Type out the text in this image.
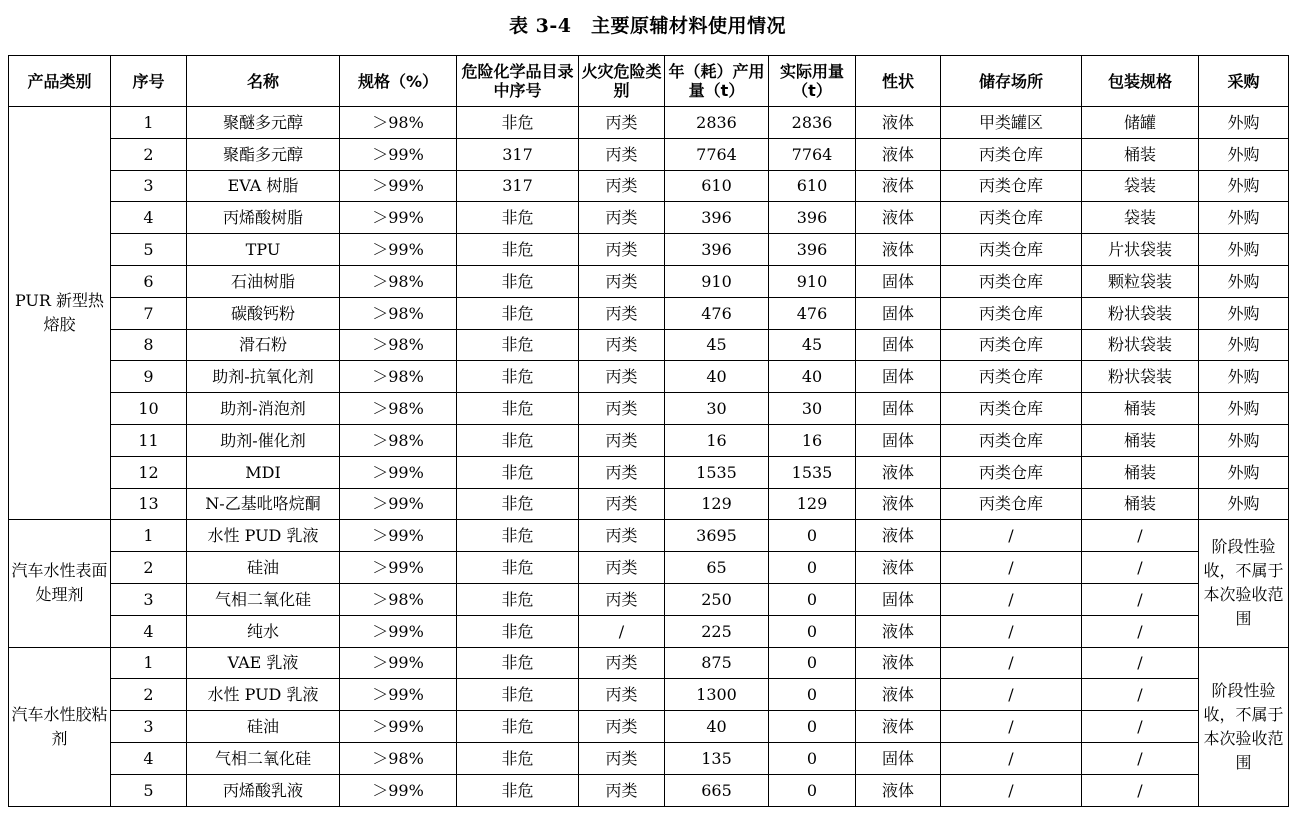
表 3-4　主要原辅材料使用情况
产品类别	序号	名称	规格（%）	危险化学品目录中序号	火灾危险类别	年（耗）产用量（t）	实际用量（t）	性状	储存场所	包装规格	采购
PUR 新型热熔胶	1	聚醚多元醇	＞98%	非危	丙类	2836	2836	液体	甲类罐区	储罐	外购
	2	聚酯多元醇	＞99%	317	丙类	7764	7764	液体	丙类仓库	桶装	外购
	3	EVA 树脂	＞99%	317	丙类	610	610	液体	丙类仓库	袋装	外购
	4	丙烯酸树脂	＞99%	非危	丙类	396	396	液体	丙类仓库	袋装	外购
	5	TPU	＞99%	非危	丙类	396	396	液体	丙类仓库	片状袋装	外购
	6	石油树脂	＞98%	非危	丙类	910	910	固体	丙类仓库	颗粒袋装	外购
	7	碳酸钙粉	＞98%	非危	丙类	476	476	固体	丙类仓库	粉状袋装	外购
	8	滑石粉	＞98%	非危	丙类	45	45	固体	丙类仓库	粉状袋装	外购
	9	助剂-抗氧化剂	＞98%	非危	丙类	40	40	固体	丙类仓库	粉状袋装	外购
	10	助剂-消泡剂	＞98%	非危	丙类	30	30	固体	丙类仓库	桶装	外购
	11	助剂-催化剂	＞98%	非危	丙类	16	16	固体	丙类仓库	桶装	外购
	12	MDI	＞99%	非危	丙类	1535	1535	液体	丙类仓库	桶装	外购
	13	N-乙基吡咯烷酮	＞99%	非危	丙类	129	129	液体	丙类仓库	桶装	外购
汽车水性表面处理剂	1	水性 PUD 乳液	＞99%	非危	丙类	3695	0	液体	/	/	阶段性验收，不属于本次验收范围
	2	硅油	＞99%	非危	丙类	65	0	液体	/	/	
	3	气相二氧化硅	＞98%	非危	丙类	250	0	固体	/	/	
	4	纯水	＞99%	非危	/	225	0	液体	/	/	
汽车水性胶粘剂	1	VAE 乳液	＞99%	非危	丙类	875	0	液体	/	/	阶段性验收，不属于本次验收范围
	2	水性 PUD 乳液	＞99%	非危	丙类	1300	0	液体	/	/	
	3	硅油	＞99%	非危	丙类	40	0	液体	/	/	
	4	气相二氧化硅	＞98%	非危	丙类	135	0	固体	/	/	
	5	丙烯酸乳液	＞99%	非危	丙类	665	0	液体	/	/	
